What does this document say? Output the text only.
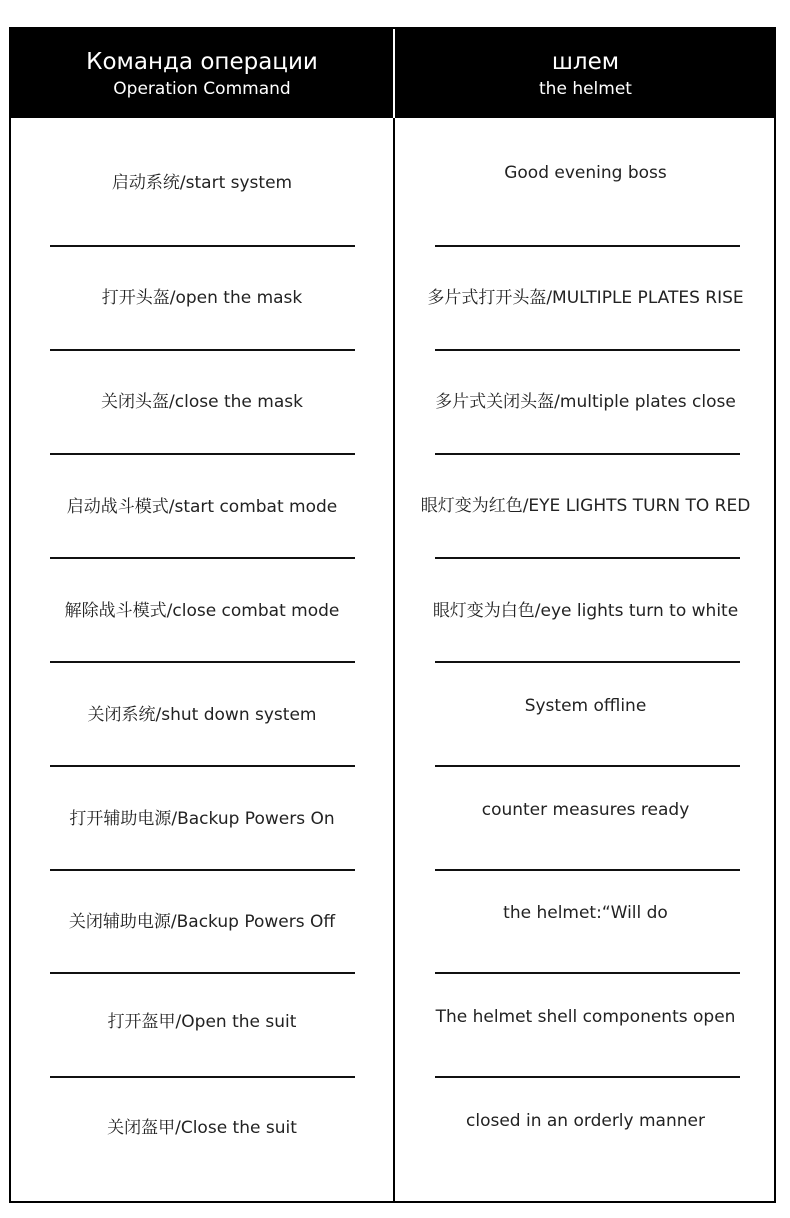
Команда операции
Operation Command
шлем
the helmet
启动系统/start system
打开头盔/open the mask
关闭头盔/close the mask
启动战斗模式/start combat mode
解除战斗模式/close combat mode
关闭系统/shut down system
打开辅助电源/Backup Powers On
关闭辅助电源/Backup Powers Off
打开盔甲/Open the suit
关闭盔甲/Close the suit
Good evening boss
多片式打开头盔/MULTIPLE PLATES RISE
多片式关闭头盔/multiple plates close
眼灯变为红色/EYE LIGHTS TURN TO RED
眼灯变为白色/eye lights turn to white
System offline
counter measures ready
the helmet:“Will do
The helmet shell components open
closed in an orderly manner
